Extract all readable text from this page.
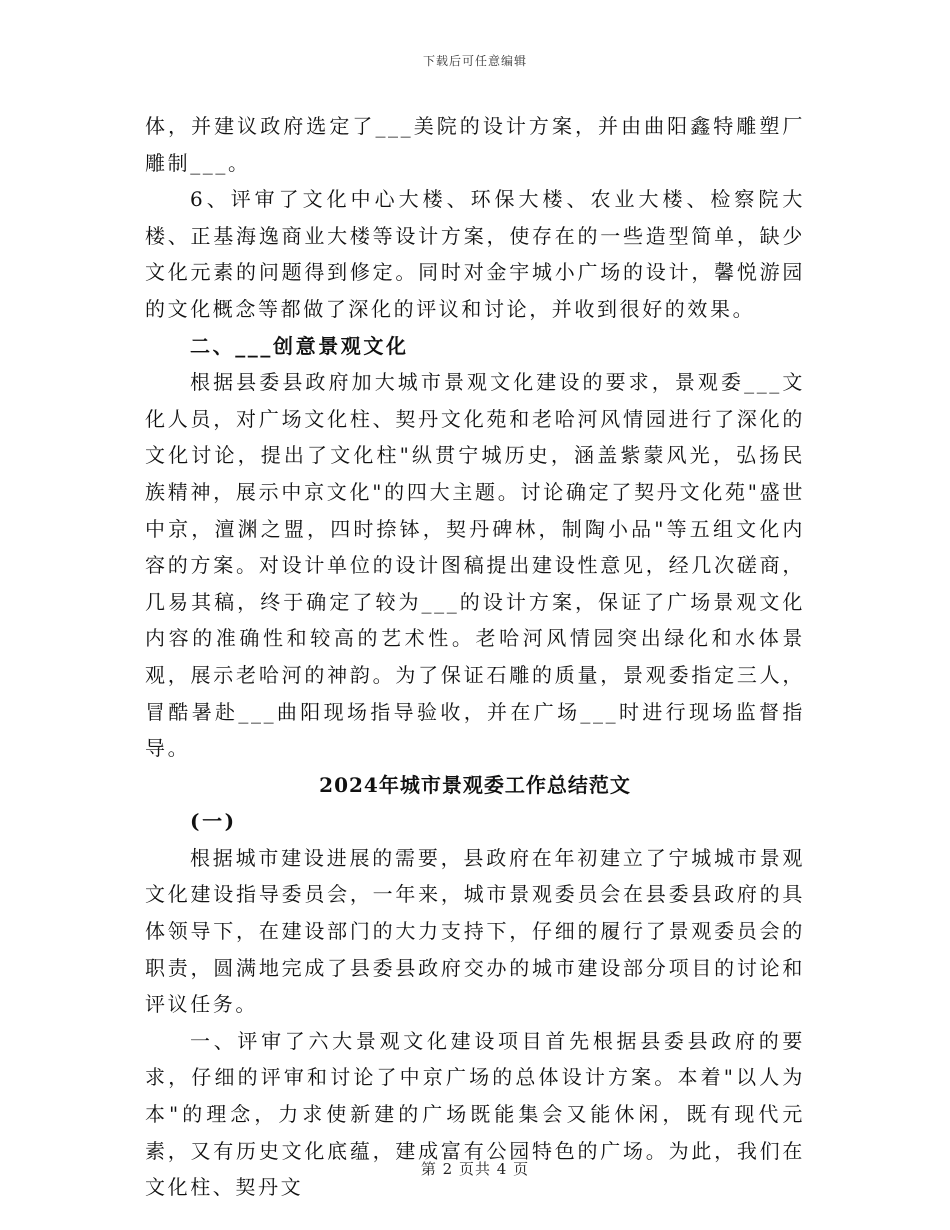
下载后可任意编辑

体，并建议政府选定了___美院的设计方案，并由曲阳鑫特雕塑厂雕制___。

6、评审了文化中心大楼、环保大楼、农业大楼、检察院大楼、正基海逸商业大楼等设计方案，使存在的一些造型简单，缺少文化元素的问题得到修定。同时对金宇城小广场的设计，馨悦游园的文化概念等都做了深化的评议和讨论，并收到很好的效果。

二、___创意景观文化

根据县委县政府加大城市景观文化建设的要求，景观委___文化人员，对广场文化柱、契丹文化苑和老哈河风情园进行了深化的文化讨论，提出了文化柱"纵贯宁城历史，涵盖紫蒙风光，弘扬民族精神，展示中京文化"的四大主题。讨论确定了契丹文化苑"盛世中京，澶渊之盟，四时捺钵，契丹碑林，制陶小品"等五组文化内容的方案。对设计单位的设计图稿提出建设性意见，经几次磋商，几易其稿，终于确定了较为___的设计方案，保证了广场景观文化内容的准确性和较高的艺术性。老哈河风情园突出绿化和水体景观，展示老哈河的神韵。为了保证石雕的质量，景观委指定三人，冒酷暑赴___曲阳现场指导验收，并在广场___时进行现场监督指导。

2024年城市景观委工作总结范文

(一)

根据城市建设进展的需要，县政府在年初建立了宁城城市景观文化建设指导委员会，一年来，城市景观委员会在县委县政府的具体领导下，在建设部门的大力支持下，仔细的履行了景观委员会的职责，圆满地完成了县委县政府交办的城市建设部分项目的讨论和评议任务。

一、评审了六大景观文化建设项目首先根据县委县政府的要求，仔细的评审和讨论了中京广场的总体设计方案。本着"以人为本"的理念，力求使新建的广场既能集会又能休闲，既有现代元素，又有历史文化底蕴，建成富有公园特色的广场。为此，我们在文化柱、契丹文

第 2 页共 4 页
